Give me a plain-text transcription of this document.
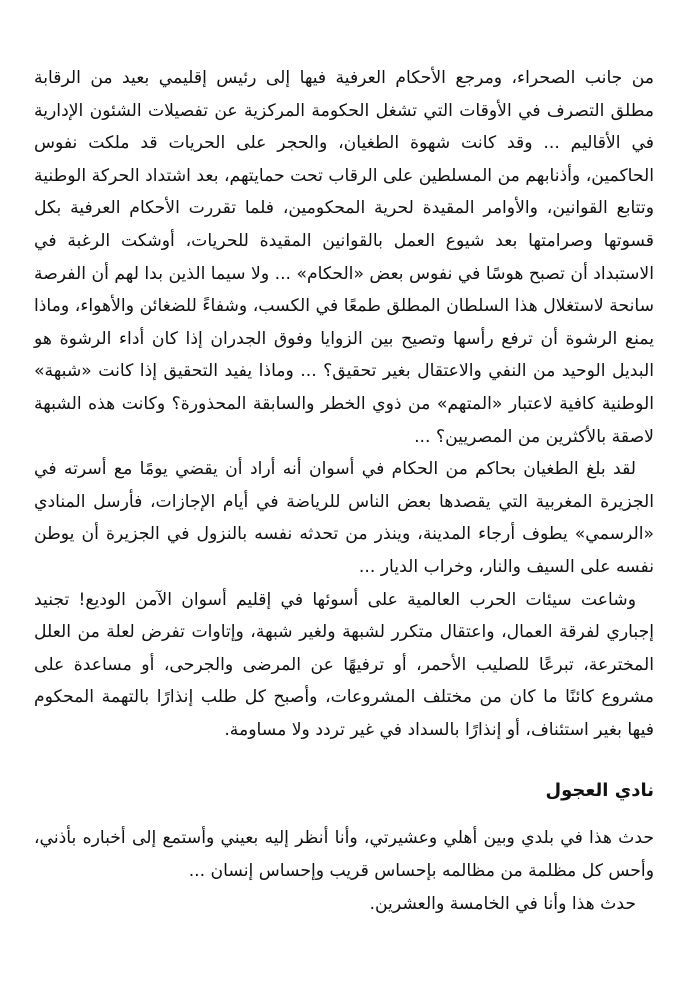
من جانب الصحراء، ومرجع الأحكام العرفية فيها إلى رئيس إقليمي بعيد من الرقابة مطلق التصرف في الأوقات التي تشغل الحكومة المركزية عن تفصيلات الشئون الإدارية في الأقاليم ... وقد كانت شهوة الطغيان، والحجر على الحريات قد ملكت نفوس الحاكمين، وأذنابهم من المسلطين على الرقاب تحت حمايتهم، بعد اشتداد الحركة الوطنية وتتابع القوانين، والأوامر المقيدة لحرية المحكومين، فلما تقررت الأحكام العرفية بكل قسوتها وصرامتها بعد شيوع العمل بالقوانين المقيدة للحريات، أوشكت الرغبة في الاستبداد أن تصبح هوسًا في نفوس بعض «الحكام» ... ولا سيما الذين بدا لهم أن الفرصة سانحة لاستغلال هذا السلطان المطلق طمعًا في الكسب، وشفاءً للضغائن والأهواء، وماذا يمنع الرشوة أن ترفع رأسها وتصيح بين الزوايا وفوق الجدران إذا كان أداء الرشوة هو البديل الوحيد من النفي والاعتقال بغير تحقيق؟ ... وماذا يفيد التحقيق إذا كانت «شبهة» الوطنية كافية لاعتبار «المتهم» من ذوي الخطر والسابقة المحذورة؟ وكانت هذه الشبهة لاصقة بالأكثرين من المصريين؟ ...

لقد بلغ الطغيان بحاكم من الحكام في أسوان أنه أراد أن يقضي يومًا مع أسرته في الجزيرة المغربية التي يقصدها بعض الناس للرياضة في أيام الإجازات، فأرسل المنادي «الرسمي» يطوف أرجاء المدينة، وينذر من تحدثه نفسه بالنزول في الجزيرة أن يوطن نفسه على السيف والنار، وخراب الديار ...

وشاعت سيئات الحرب العالمية على أسوئها في إقليم أسوان الآمن الوديع! تجنيد إجباري لفرقة العمال، واعتقال متكرر لشبهة ولغير شبهة، وإتاوات تفرض لعلة من العلل المخترعة، تبرعًا للصليب الأحمر، أو ترفيهًا عن المرضى والجرحى، أو مساعدة على مشروع كائنًا ما كان من مختلف المشروعات، وأصبح كل طلب إنذارًا بالتهمة المحكوم فيها بغير استئناف، أو إنذارًا بالسداد في غير تردد ولا مساومة.

نادي العجول

حدث هذا في بلدي وبين أهلي وعشيرتي، وأنا أنظر إليه بعيني وأستمع إلى أخباره بأذني، وأحس كل مظلمة من مظالمه بإحساس قريب وإحساس إنسان ...

حدث هذا وأنا في الخامسة والعشرين.
